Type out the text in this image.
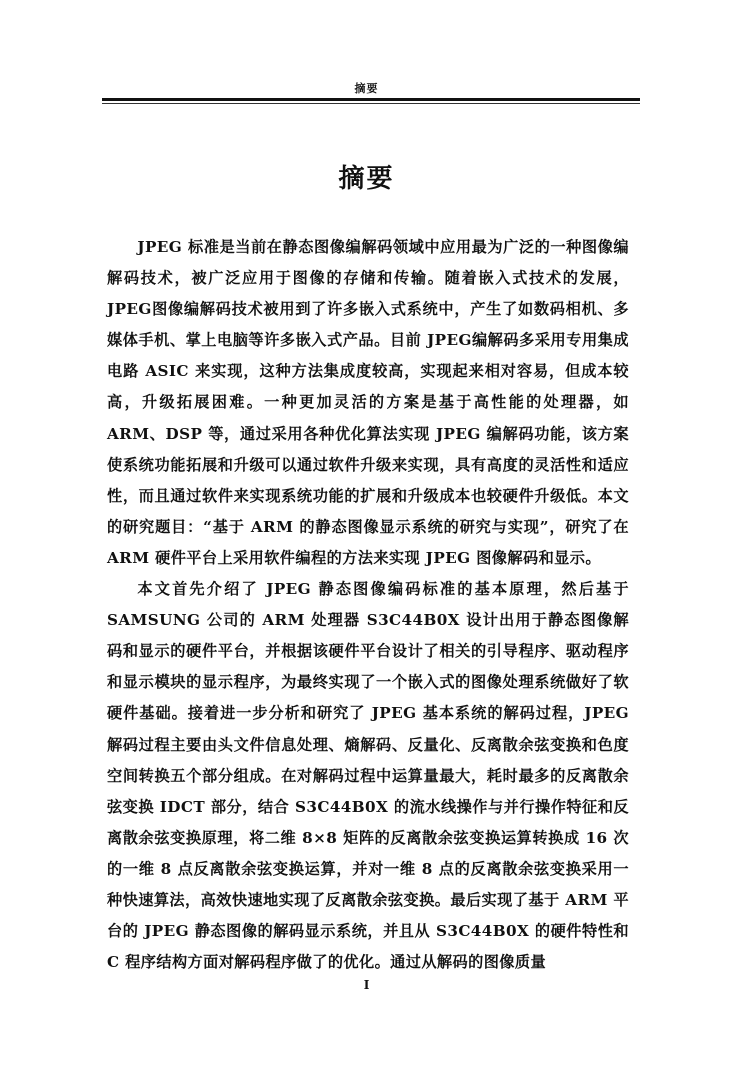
摘要
摘要

JPEG 标准是当前在静态图像编解码领域中应用最为广泛的一种图像编解码技术，被广泛应用于图像的存储和传输。随着嵌入式技术的发展，JPEG图像编解码技术被用到了许多嵌入式系统中，产生了如数码相机、多媒体手机、掌上电脑等许多嵌入式产品。目前 JPEG编解码多采用专用集成电路 ASIC 来实现，这种方法集成度较高，实现起来相对容易，但成本较高，升级拓展困难。一种更加灵活的方案是基于高性能的处理器，如 ARM、DSP 等，通过采用各种优化算法实现 JPEG 编解码功能，该方案使系统功能拓展和升级可以通过软件升级来实现，具有高度的灵活性和适应性，而且通过软件来实现系统功能的扩展和升级成本也较硬件升级低。本文的研究题目：“基于 ARM 的静态图像显示系统的研究与实现”，研究了在 ARM 硬件平台上采用软件编程的方法来实现 JPEG 图像解码和显示。

本文首先介绍了 JPEG 静态图像编码标准的基本原理，然后基于 SAMSUNG 公司的 ARM 处理器 S3C44B0X 设计出用于静态图像解码和显示的硬件平台，并根据该硬件平台设计了相关的引导程序、驱动程序和显示模块的显示程序，为最终实现了一个嵌入式的图像处理系统做好了软硬件基础。接着进一步分析和研究了 JPEG 基本系统的解码过程，JPEG 解码过程主要由头文件信息处理、熵解码、反量化、反离散余弦变换和色度空间转换五个部分组成。在对解码过程中运算量最大，耗时最多的反离散余弦变换 IDCT 部分，结合 S3C44B0X 的流水线操作与并行操作特征和反离散余弦变换原理，将二维 8×8 矩阵的反离散余弦变换运算转换成 16 次的一维 8 点反离散余弦变换运算，并对一维 8 点的反离散余弦变换采用一种快速算法，高效快速地实现了反离散余弦变换。最后实现了基于 ARM 平台的 JPEG 静态图像的解码显示系统，并且从 S3C44B0X 的硬件特性和 C 程序结构方面对解码程序做了的优化。通过从解码的图像质量

I
